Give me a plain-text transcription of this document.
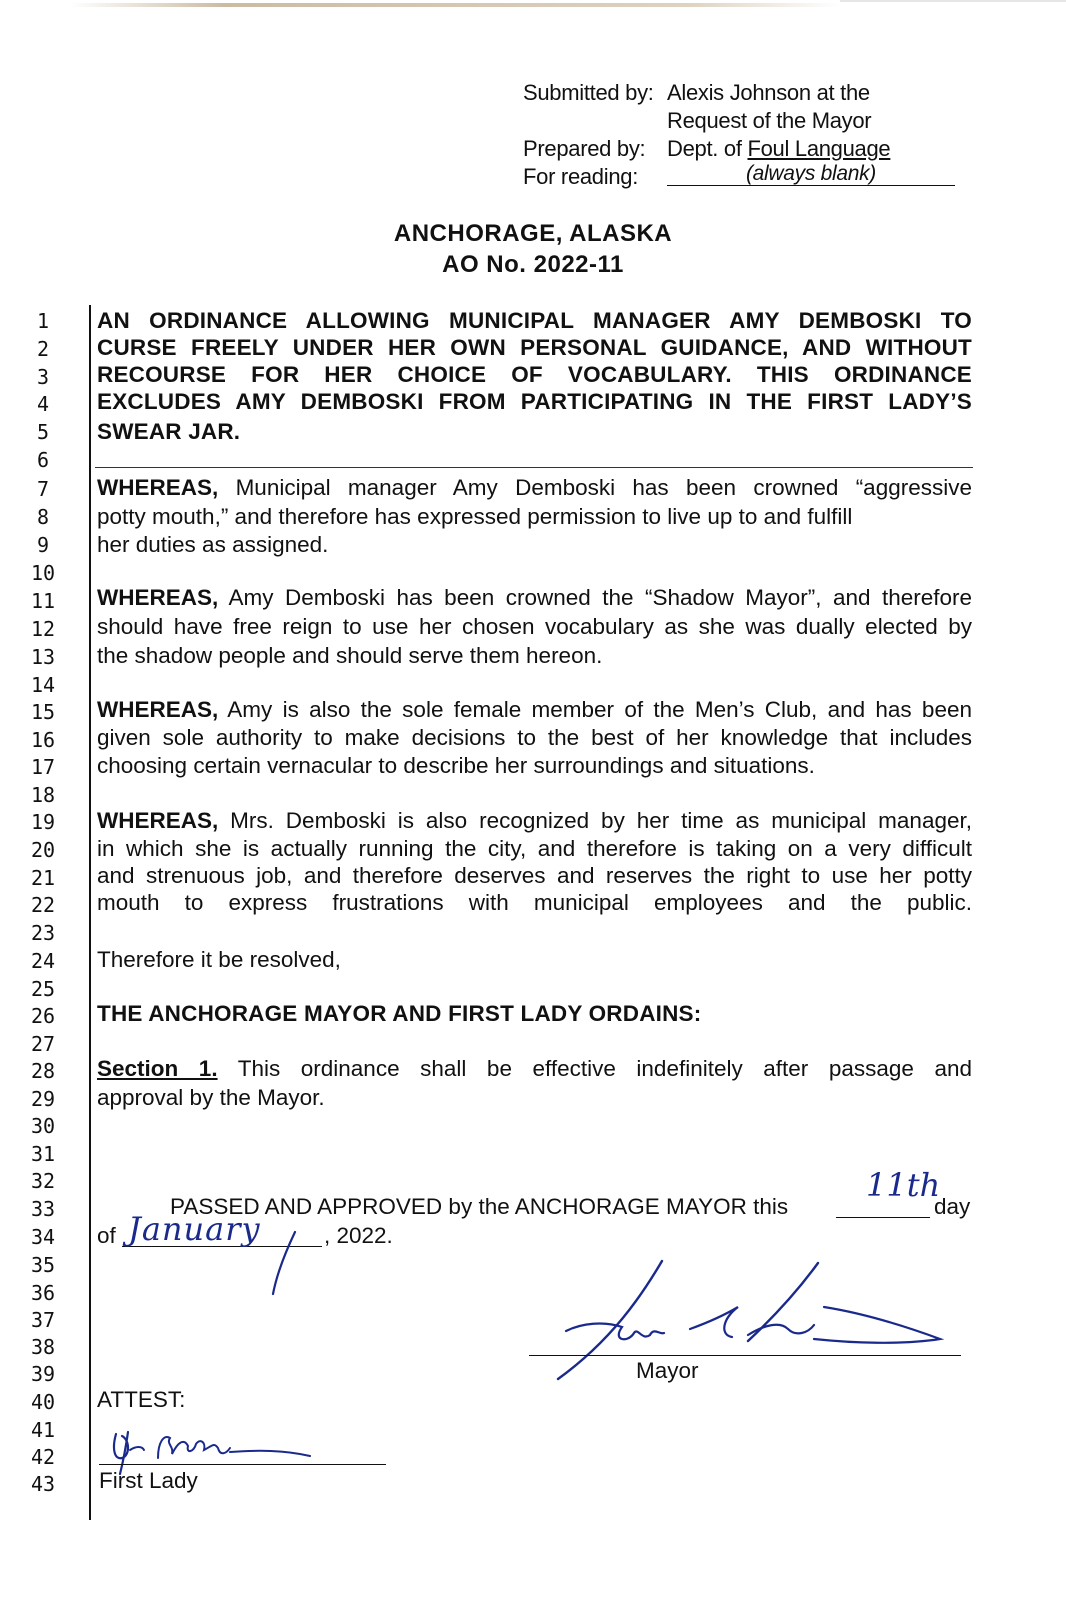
Submitted by: Alexis Johnson at the
Request of the Mayor
Prepared by: Dept. of Foul Language
For reading:	(always blank)
ANCHORAGE, ALASKA
AO No. 2022-11
1
2
3
4
5
6
7
8
9
10
11
12
13
14
15
16
17
18
19
20
21
22
23
24
25
26
27
28
29
30
31
32
33
34
35
36
37
38
39
40
41
42
43
AN ORDINANCE ALLOWING MUNICIPAL MANAGER AMY DEMBOSKI TO
CURSE FREELY UNDER HER OWN PERSONAL GUIDANCE, AND WITHOUT
RECOURSE FOR HER CHOICE OF VOCABULARY. THIS ORDINANCE
EXCLUDES AMY DEMBOSKI FROM PARTICIPATING IN THE FIRST LADY’S
SWEAR JAR.
WHEREAS, Municipal manager Amy Demboski has been crowned “aggressive
potty mouth,” and therefore has expressed permission to live up to and fulfill
her duties as assigned.
WHEREAS, Amy Demboski has been crowned the “Shadow Mayor”, and therefore
should have free reign to use her chosen vocabulary as she was dually elected by
the shadow people and should serve them hereon.
WHEREAS, Amy is also the sole female member of the Men’s Club, and has been
given sole authority to make decisions to the best of her knowledge that includes
choosing certain vernacular to describe her surroundings and situations.
WHEREAS, Mrs. Demboski is also recognized by her time as municipal manager,
in which she is actually running the city, and therefore is taking on a very difficult
and strenuous job, and therefore deserves and reserves the right to use her potty
mouth to express frustrations with municipal employees and the public.
Therefore it be resolved,
THE ANCHORAGE MAYOR AND FIRST LADY ORDAINS:
Section 1. This ordinance shall be effective indefinitely after passage and
approval by the Mayor.
PASSED AND APPROVED by the ANCHORAGE MAYOR this
11th
day
of January	, 2022.
Mayor
ATTEST:
First Lady
